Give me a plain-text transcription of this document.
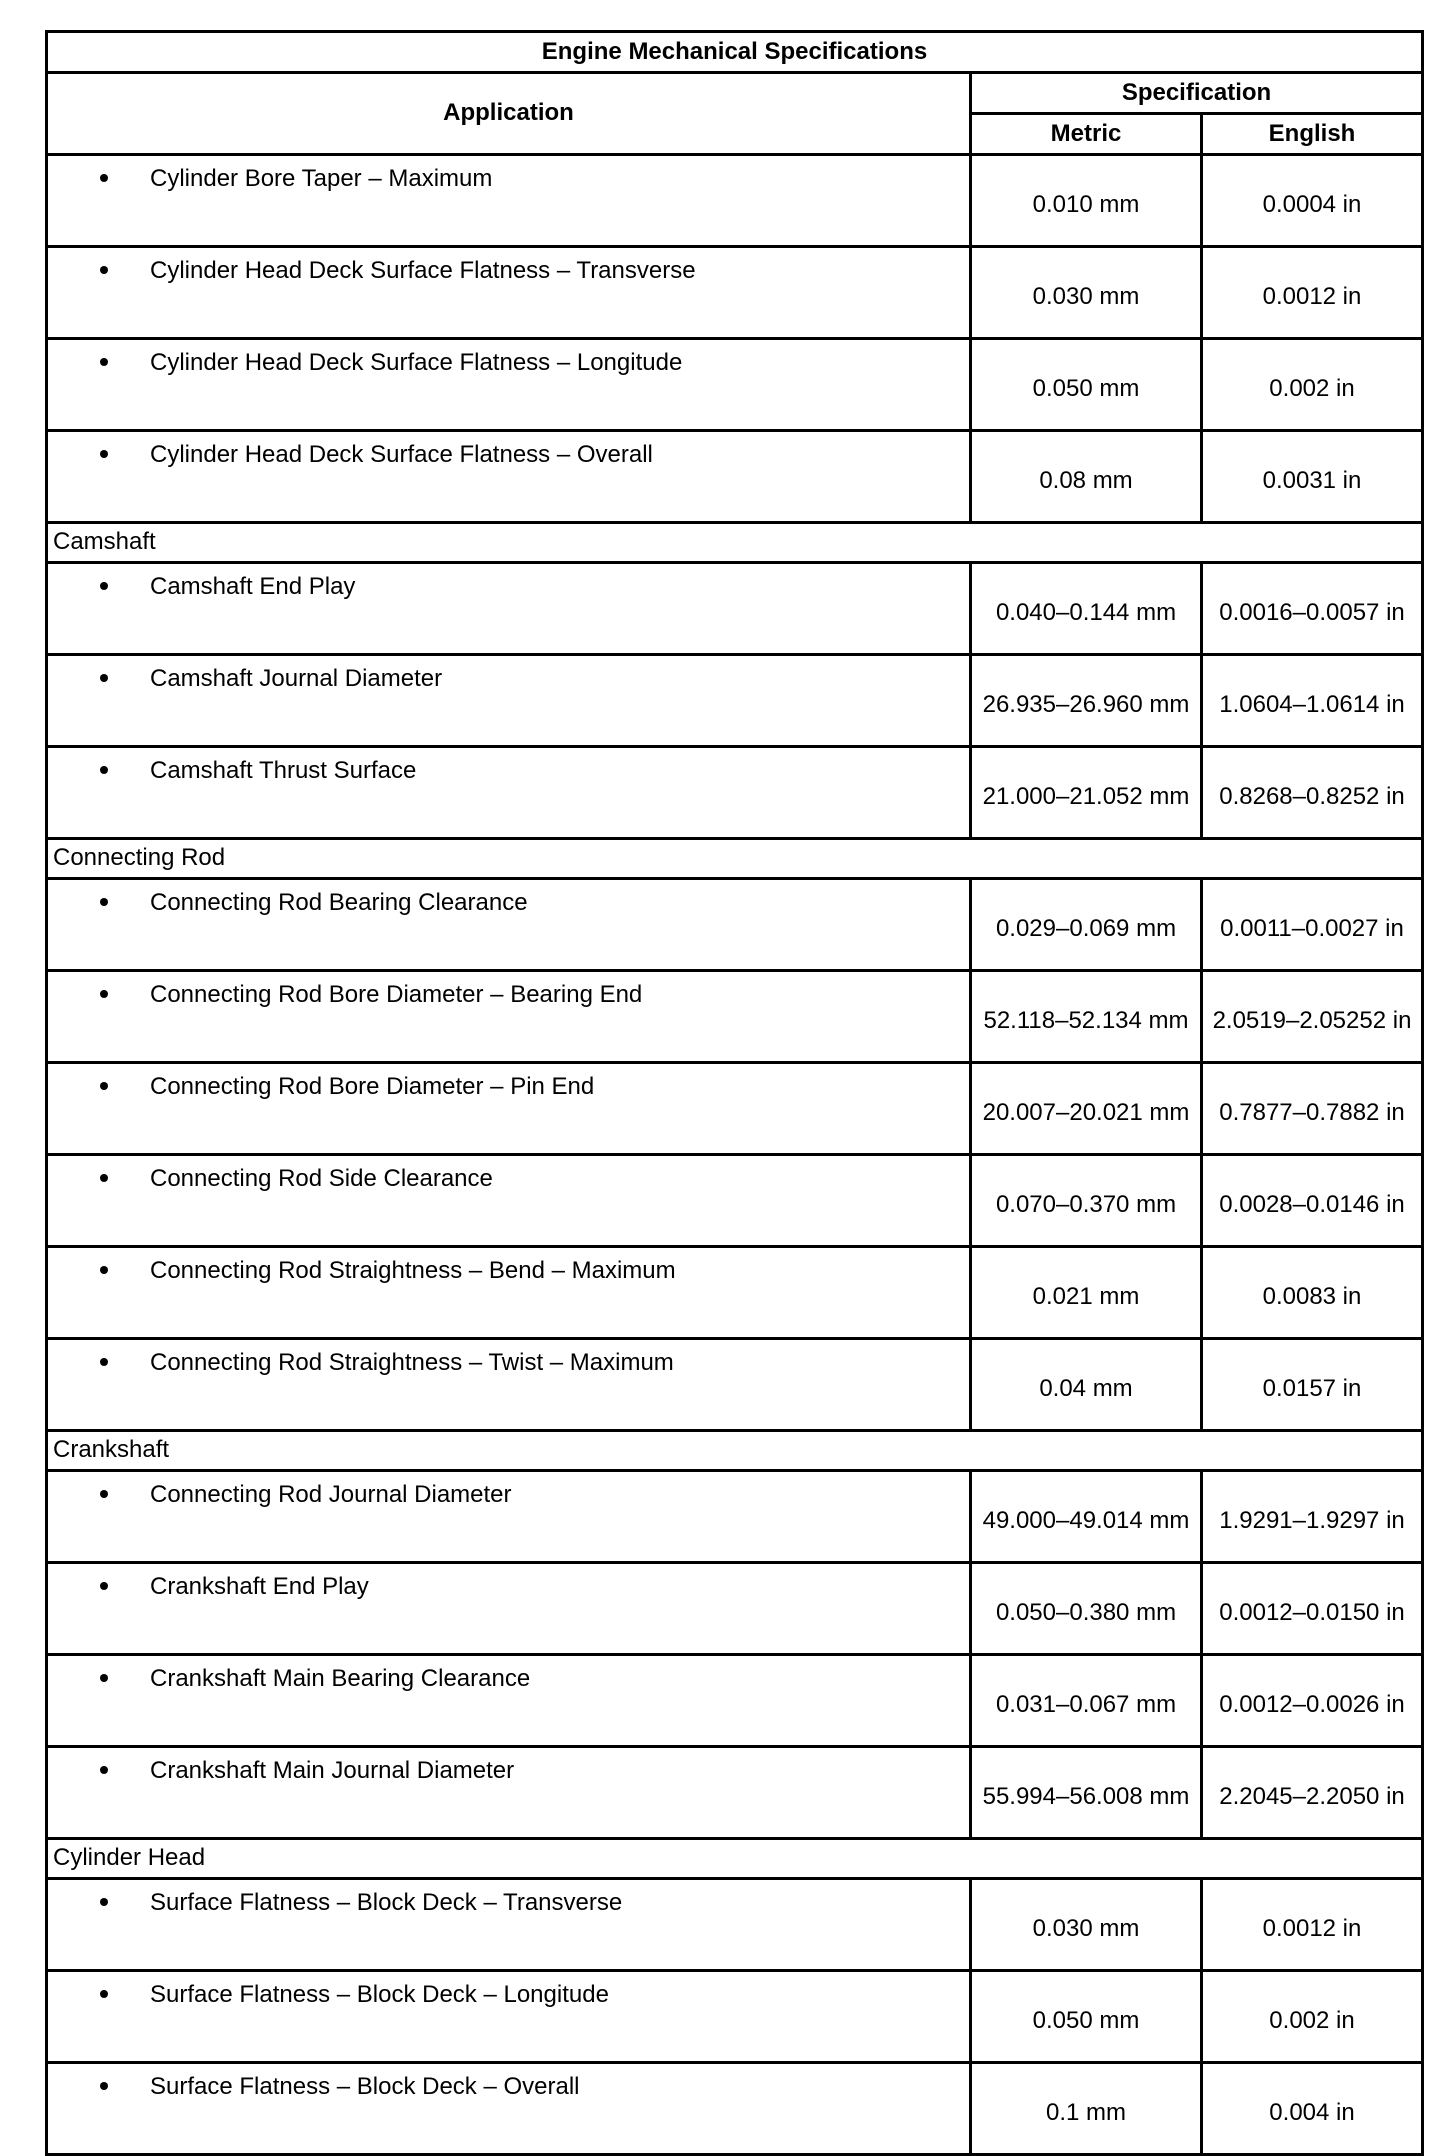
Engine Mechanical Specifications		
Application	Specification	
	Metric	English

Cylinder Bore Taper – Maximum	0.010 mm	0.0004 in

Cylinder Head Deck Surface Flatness – Transverse	0.030 mm	0.0012 in

Cylinder Head Deck Surface Flatness – Longitude	0.050 mm	0.002 in

Cylinder Head Deck Surface Flatness – Overall	0.08 mm	0.0031 in
Camshaft		

Camshaft End Play	0.040–0.144 mm	0.0016–0.0057 in

Camshaft Journal Diameter	26.935–26.960 mm	1.0604–1.0614 in

Camshaft Thrust Surface	21.000–21.052 mm	0.8268–0.8252 in
Connecting Rod		

Connecting Rod Bearing Clearance	0.029–0.069 mm	0.0011–0.0027 in

Connecting Rod Bore Diameter – Bearing End	52.118–52.134 mm	2.0519–2.05252 in

Connecting Rod Bore Diameter – Pin End	20.007–20.021 mm	0.7877–0.7882 in

Connecting Rod Side Clearance	0.070–0.370 mm	0.0028–0.0146 in

Connecting Rod Straightness – Bend – Maximum	0.021 mm	0.0083 in

Connecting Rod Straightness – Twist – Maximum	0.04 mm	0.0157 in
Crankshaft		

Connecting Rod Journal Diameter	49.000–49.014 mm	1.9291–1.9297 in

Crankshaft End Play	0.050–0.380 mm	0.0012–0.0150 in

Crankshaft Main Bearing Clearance	0.031–0.067 mm	0.0012–0.0026 in

Crankshaft Main Journal Diameter	55.994–56.008 mm	2.2045–2.2050 in
Cylinder Head		

Surface Flatness – Block Deck – Transverse	0.030 mm	0.0012 in

Surface Flatness – Block Deck – Longitude	0.050 mm	0.002 in

Surface Flatness – Block Deck – Overall	0.1 mm	0.004 in
